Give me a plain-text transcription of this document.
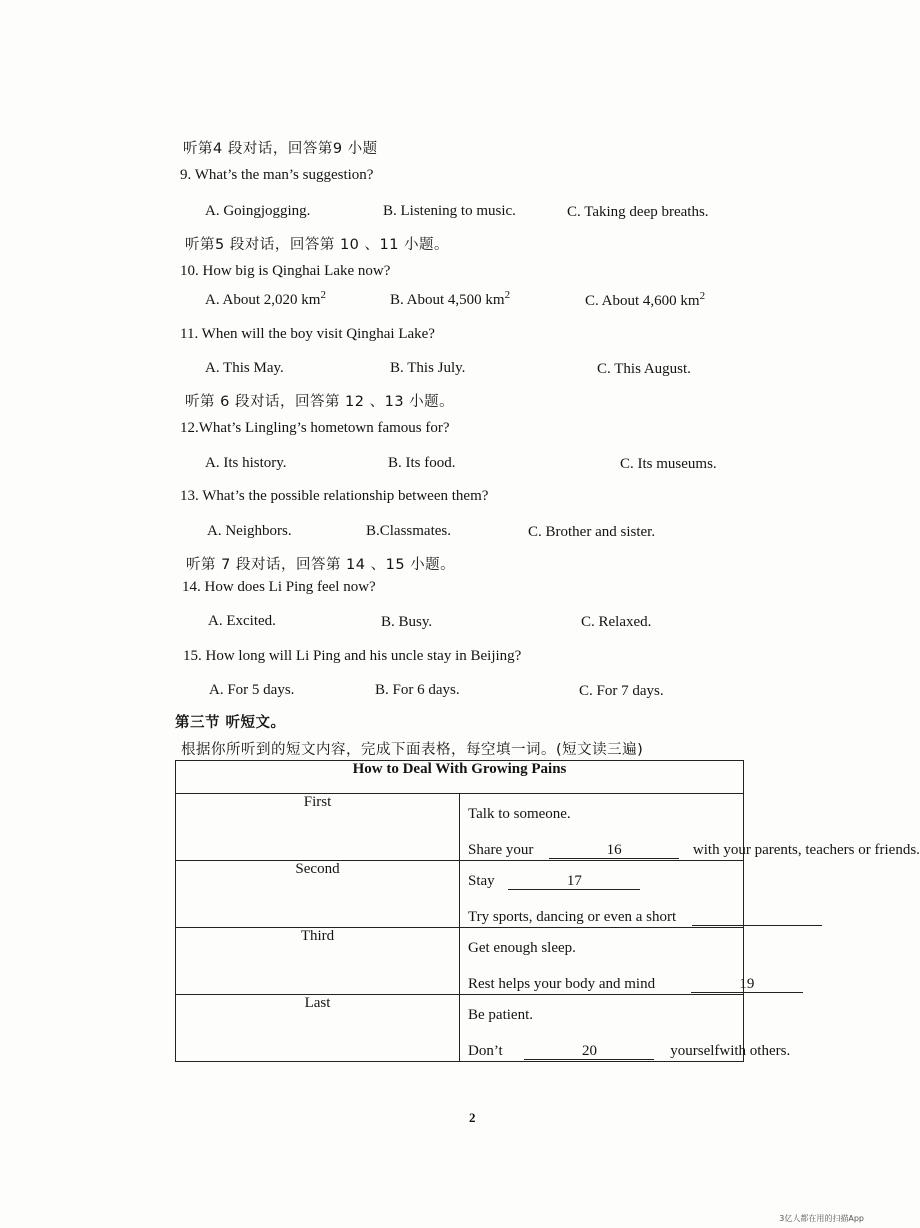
听第4 段对话，回答第9 小题
9. What’s the man’s suggestion?
A. Goingjogging.	B. Listening to music.	C. Taking deep breaths.
听第5 段对话，回答第 10 、11 小题。
10. How big is Qinghai Lake now?
A. About 2,020 $km^2$	B. About 4,500 $km^2$	C. About 4,600 $km^2$
11. When will the boy visit Qinghai Lake?
A. This May.	B. This July.	C. This August.
听第 6 段对话，回答第 12 、13 小题。
12.What’s Lingling’s hometown famous for?
A. Its history.	B. Its food.	C. Its museums.
13. What’s the possible relationship between them?
A. Neighbors.	B.Classmates.	C. Brother and sister.
听第 7 段对话，回答第 14 、15 小题。
14. How does Li Ping feel now?
A. Excited.	B. Busy.	C. Relaxed.
15. How long will Li Ping and his uncle stay in Beijing?
A. For 5 days.	B. For 6 days.	C. For 7 days.
第三节 听短文。
根据你所听到的短文内容，完成下面表格，每空填一词。(短文读三遍)
How to Deal With Growing Pains	
First	Talk to someone.
Share your 16 with your parents, teachers or friends.

Second	Stay 17
Try sports, dancing or even a short

Third	Get enough sleep.
Rest helps your body and mind 19

Last	Be patient.
Don’t 20 yourselfwith others.
2
3亿人都在用的扫描App
